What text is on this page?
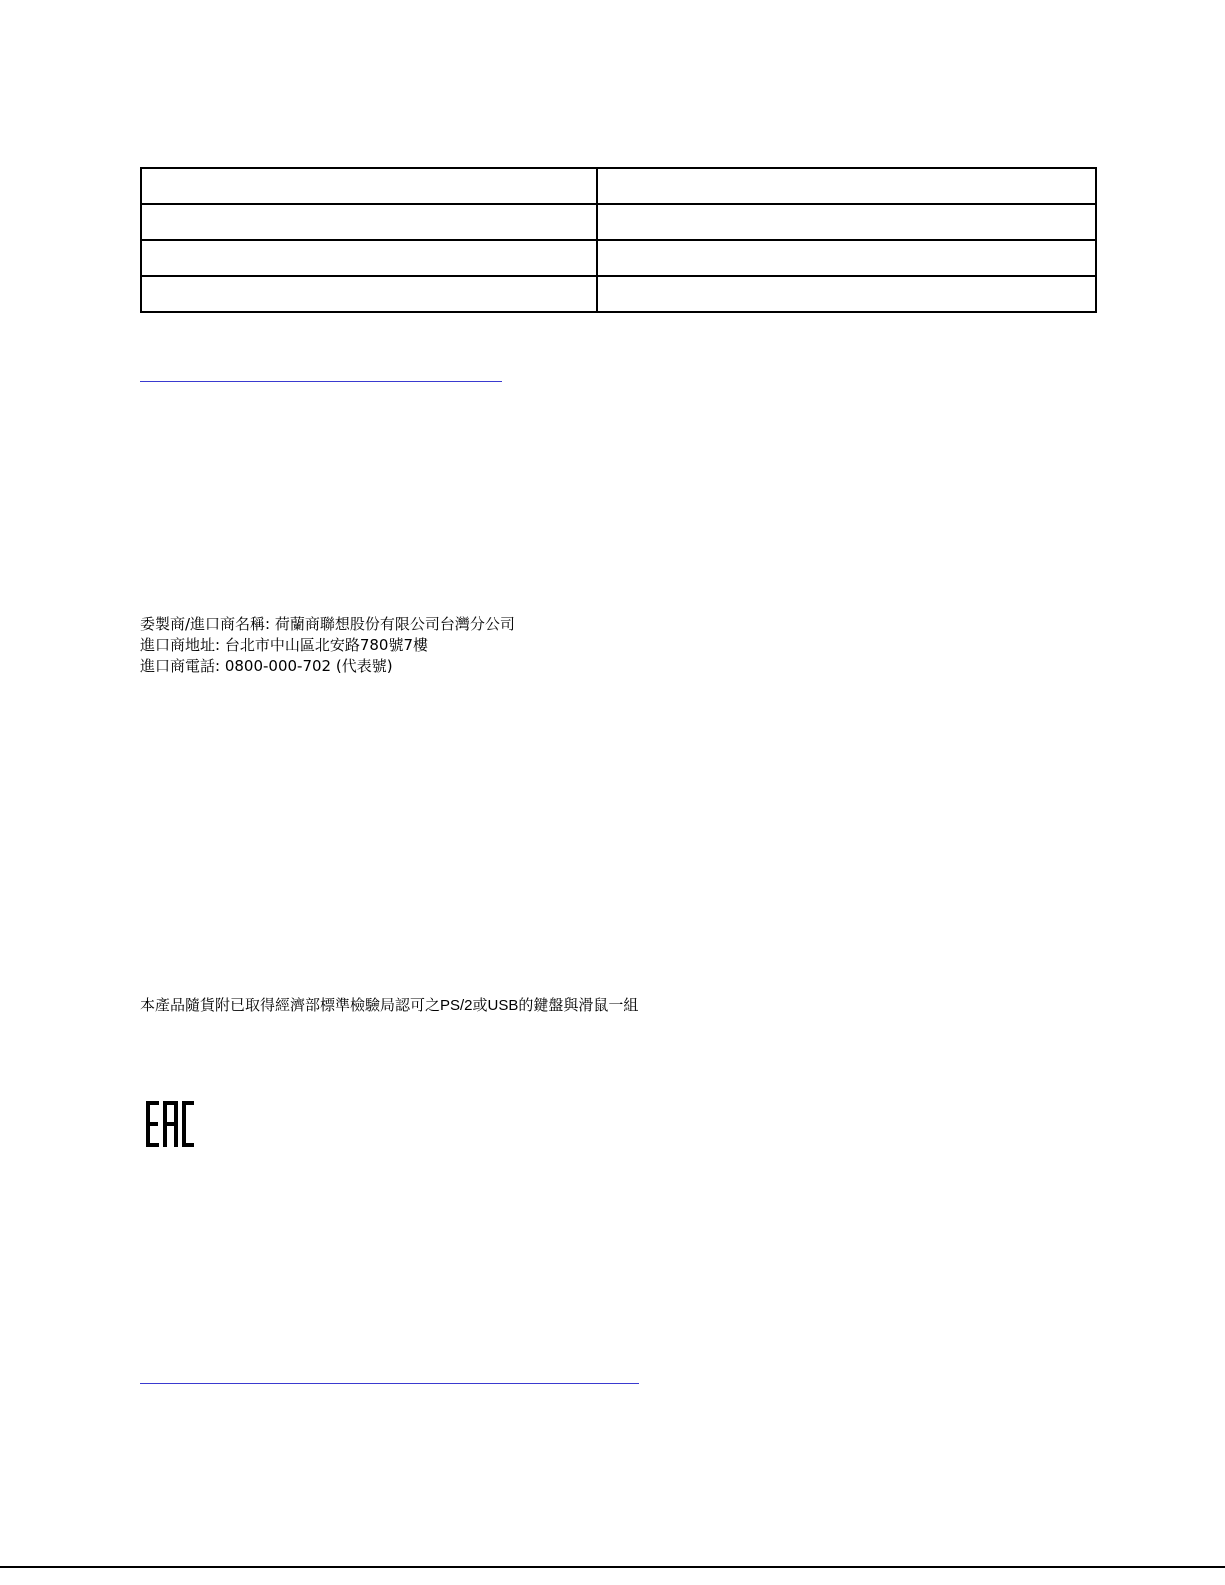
委製商/進口商名稱: 荷蘭商聯想股份有限公司台灣分公司
進口商地址: 台北市中山區北安路780號7樓
進口商電話: 0800-000-702 (代表號)
本產品隨貨附已取得經濟部標準檢驗局認可之PS/2或USB的鍵盤與滑鼠一組
